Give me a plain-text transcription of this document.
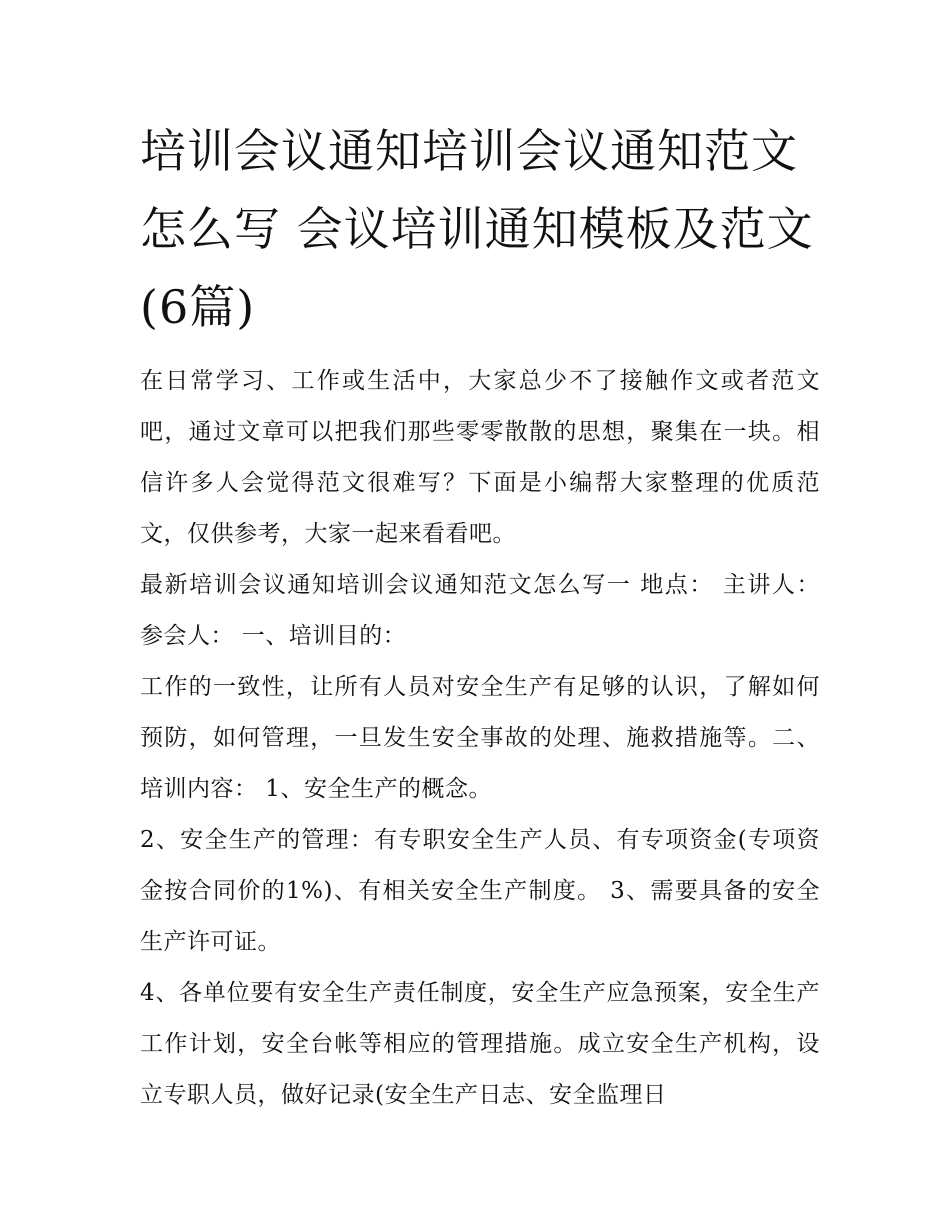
培训会议通知培训会议通知范文怎么写 会议培训通知模板及范文(6篇)

在日常学习、工作或生活中，大家总少不了接触作文或者范文吧，通过文章可以把我们那些零零散散的思想，聚集在一块。相信许多人会觉得范文很难写？下面是小编帮大家整理的优质范文，仅供参考，大家一起来看看吧。

最新培训会议通知培训会议通知范文怎么写一 地点： 主讲人： 参会人： 一、培训目的：

工作的一致性，让所有人员对安全生产有足够的认识，了解如何预防，如何管理，一旦发生安全事故的处理、施救措施等。二、培训内容： 1、安全生产的概念。

2、安全生产的管理：有专职安全生产人员、有专项资金(专项资金按合同价的1%)、有相关安全生产制度。 3、需要具备的安全生产许可证。

4、各单位要有安全生产责任制度，安全生产应急预案，安全生产工作计划，安全台帐等相应的管理措施。成立安全生产机构，设立专职人员，做好记录(安全生产日志、安全监理日
